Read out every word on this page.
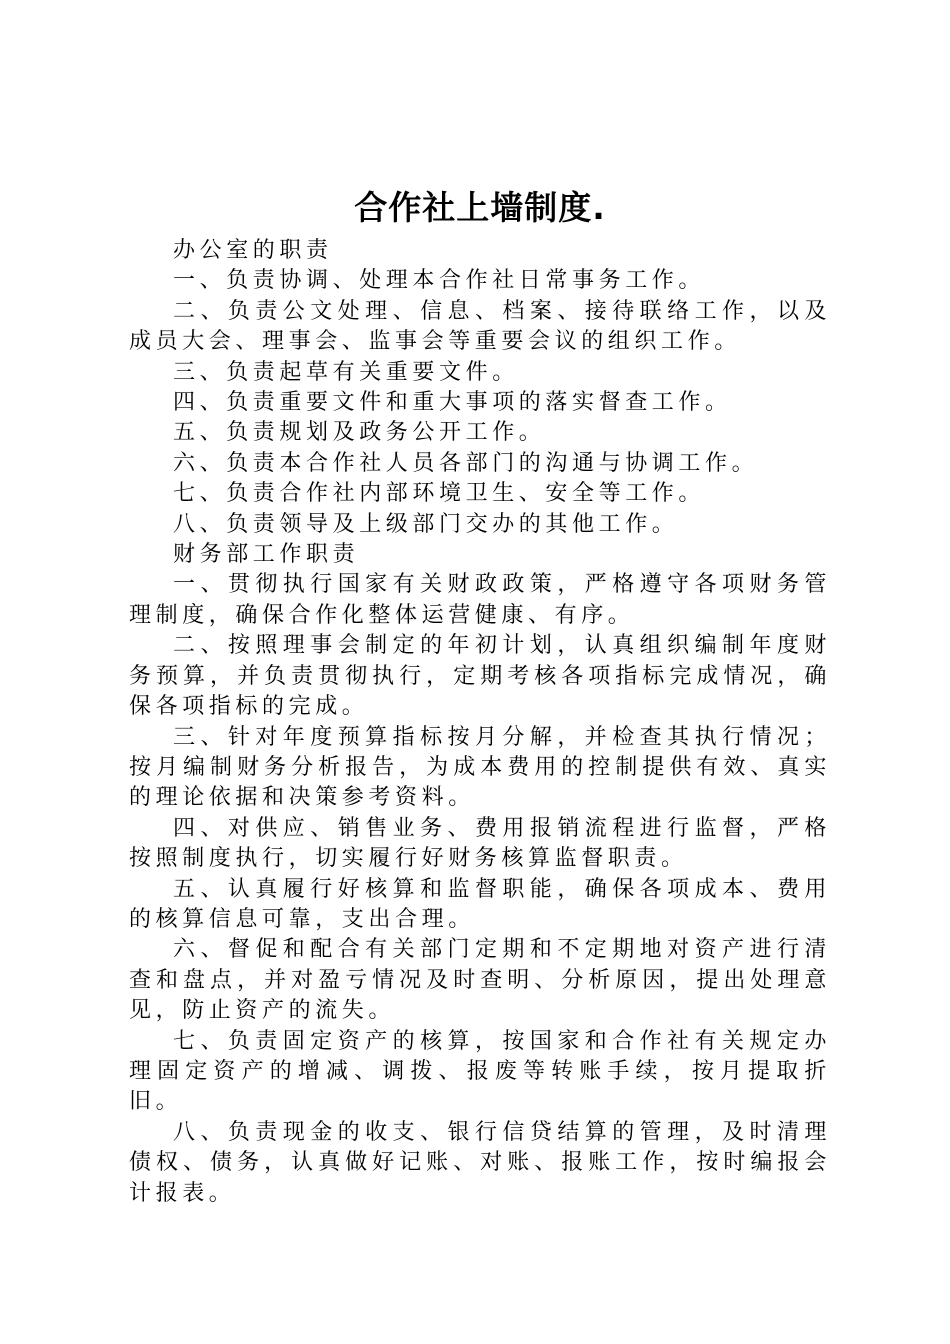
合作社上墙制度.

办公室的职责

一、负责协调、处理本合作社日常事务工作。

二、负责公文处理、信息、档案、接待联络工作，以及成员大会、理事会、监事会等重要会议的组织工作。

三、负责起草有关重要文件。

四、负责重要文件和重大事项的落实督查工作。

五、负责规划及政务公开工作。

六、负责本合作社人员各部门的沟通与协调工作。

七、负责合作社内部环境卫生、安全等工作。

八、负责领导及上级部门交办的其他工作。

财务部工作职责

一、贯彻执行国家有关财政政策，严格遵守各项财务管理制度，确保合作化整体运营健康、有序。

二、按照理事会制定的年初计划，认真组织编制年度财务预算，并负责贯彻执行，定期考核各项指标完成情况，确保各项指标的完成。

三、针对年度预算指标按月分解，并检查其执行情况；按月编制财务分析报告，为成本费用的控制提供有效、真实的理论依据和决策参考资料。

四、对供应、销售业务、费用报销流程进行监督，严格按照制度执行，切实履行好财务核算监督职责。

五、认真履行好核算和监督职能，确保各项成本、费用的核算信息可靠，支出合理。

六、督促和配合有关部门定期和不定期地对资产进行清查和盘点，并对盈亏情况及时查明、分析原因，提出处理意见，防止资产的流失。

七、负责固定资产的核算，按国家和合作社有关规定办理固定资产的增减、调拨、报废等转账手续，按月提取折旧。

八、负责现金的收支、银行信贷结算的管理，及时清理债权、债务，认真做好记账、对账、报账工作，按时编报会计报表。
